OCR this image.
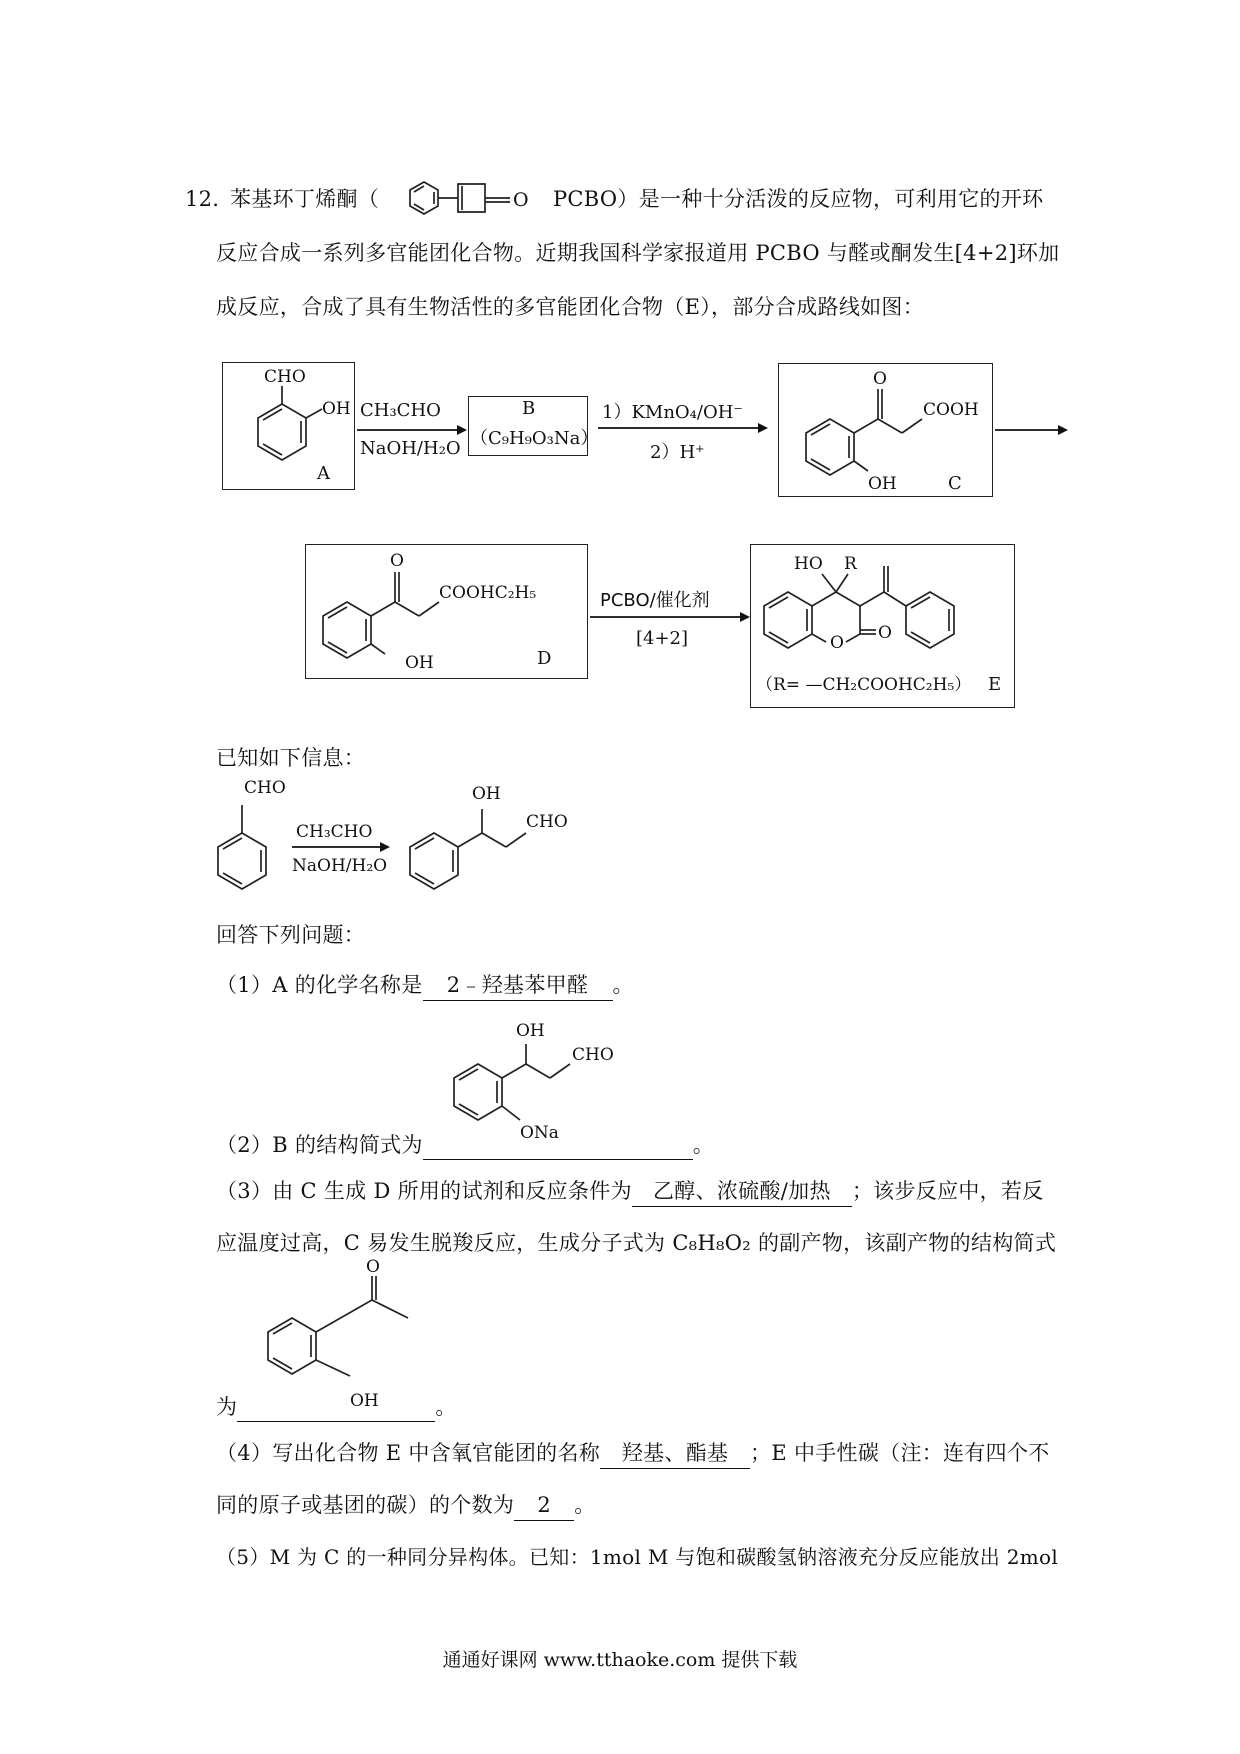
12．
苯基环丁烯酮（	O PCBO）是一种十分活泼的反应物，可利用它的开环
反应合成一系列多官能团化合物。近期我国科学家报道用 PCBO 与醛或酮发生[4+2]环加
成反应，合成了具有生物活性的多官能团化合物（E），部分合成路线如图：
CHO
OH
A
CH₃CHO
NaOH/H₂O
B
（C₉H₉O₃Na）
1）KMnO₄/OH⁻
2）H⁺
O
COOH
OH	C
O
COOHC₂H₅
OH	D
PCBO/催化剂
[4+2]
HO R
O O
（R= —CH₂COOHC₂H₅） E
已知如下信息：
CHO
CH₃CHO
NaOH/H₂O
OH
CHO
回答下列问题：
（1）A 的化学名称是 2﹣羟基苯甲醛 。
OH
CHO
ONa
（2）B 的结构简式为	。
（3）由 C 生成 D 所用的试剂和反应条件为 乙醇、浓硫酸/加热 ；该步反应中，若反
应温度过高，C 易发生脱羧反应，生成分子式为 C₈H₈O₂ 的副产物，该副产物的结构简式
O
OH
为	。
（4）写出化合物 E 中含氧官能团的名称 羟基、酯基 ；E 中手性碳（注：连有四个不
同的原子或基团的碳）的个数为 2 。
（5）M 为 C 的一种同分异构体。已知：1mol M 与饱和碳酸氢钠溶液充分反应能放出 2mol
通通好课网 www.tthaoke.com 提供下载
